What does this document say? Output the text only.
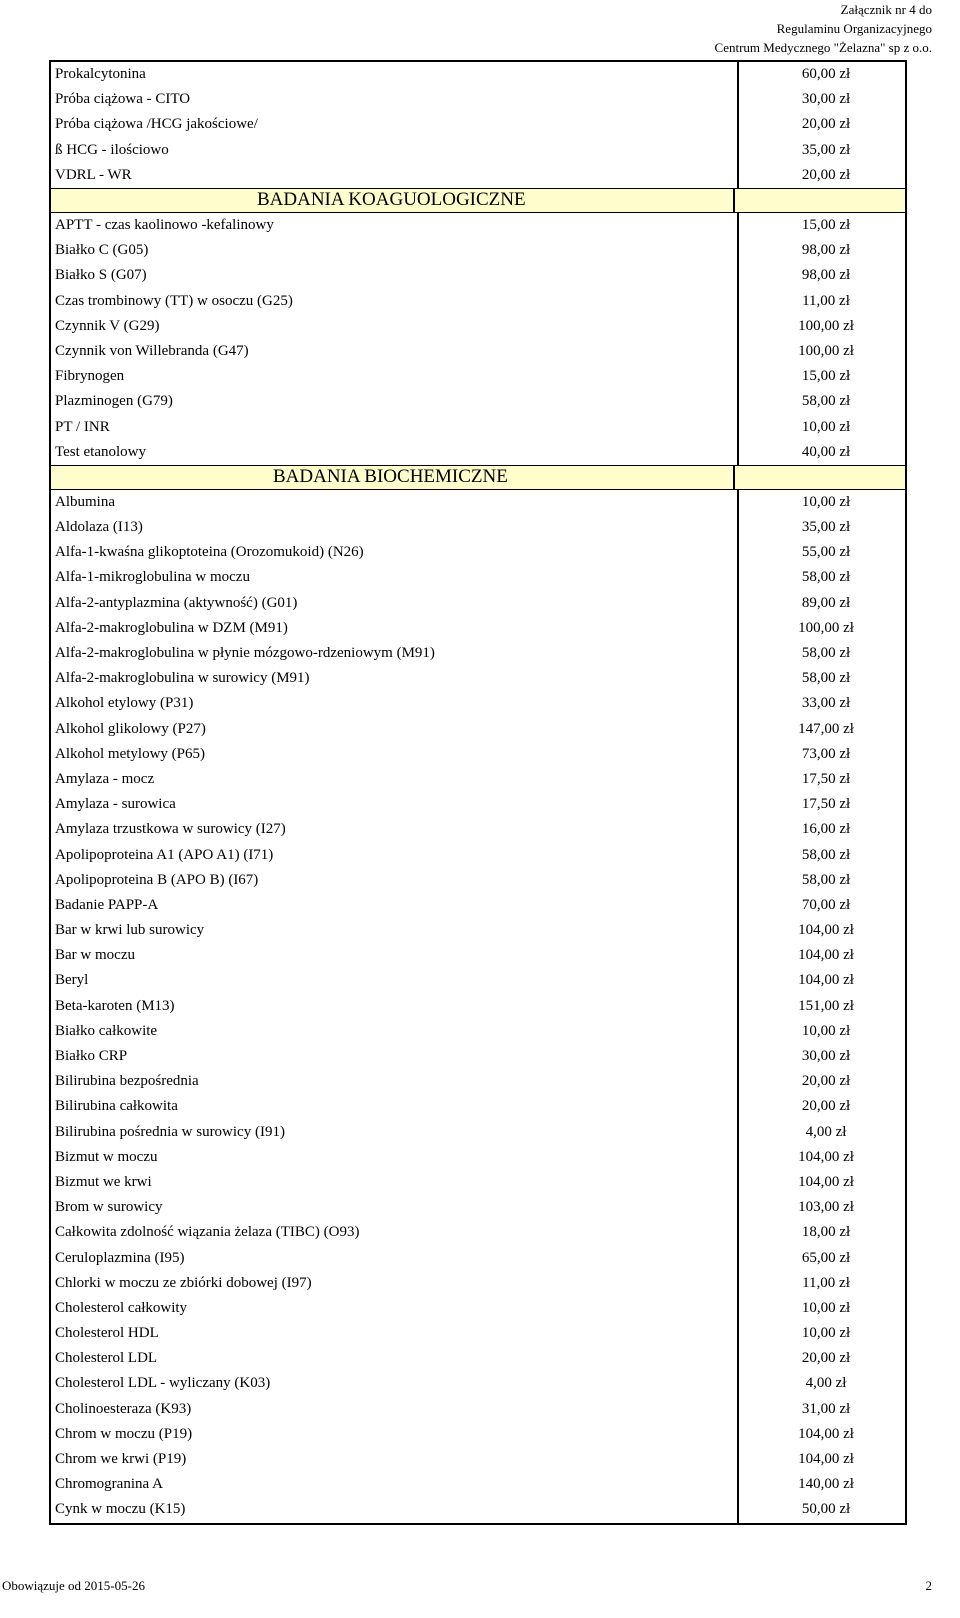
Załącznik nr 4 do
Regulaminu Organizacyjnego
Centrum Medycznego "Żelazna" sp z o.o.
Prokalcytonina	60,00 zł
Próba ciążowa - CITO	30,00 zł
Próba ciążowa /HCG jakościowe/	20,00 zł
ß HCG - ilościowo	35,00 zł
VDRL - WR	20,00 zł
BADANIA KOAGUOLOGICZNE
APTT - czas kaolinowo -kefalinowy	15,00 zł
Białko C (G05)	98,00 zł
Białko S (G07)	98,00 zł
Czas trombinowy (TT) w osoczu (G25)	11,00 zł
Czynnik V (G29)	100,00 zł
Czynnik von Willebranda (G47)	100,00 zł
Fibrynogen	15,00 zł
Plazminogen (G79)	58,00 zł
PT / INR	10,00 zł
Test etanolowy	40,00 zł
BADANIA BIOCHEMICZNE
Albumina	10,00 zł
Aldolaza (I13)	35,00 zł
Alfa-1-kwaśna glikoptoteina (Orozomukoid) (N26)	55,00 zł
Alfa-1-mikroglobulina w moczu	58,00 zł
Alfa-2-antyplazmina (aktywność) (G01)	89,00 zł
Alfa-2-makroglobulina w DZM (M91)	100,00 zł
Alfa-2-makroglobulina w płynie mózgowo-rdzeniowym (M91)	58,00 zł
Alfa-2-makroglobulina w surowicy (M91)	58,00 zł
Alkohol etylowy (P31)	33,00 zł
Alkohol glikolowy (P27)	147,00 zł
Alkohol metylowy (P65)	73,00 zł
Amylaza - mocz	17,50 zł
Amylaza - surowica	17,50 zł
Amylaza trzustkowa w surowicy (I27)	16,00 zł
Apolipoproteina A1 (APO A1) (I71)	58,00 zł
Apolipoproteina B (APO B) (I67)	58,00 zł
Badanie PAPP-A	70,00 zł
Bar w krwi lub surowicy	104,00 zł
Bar w moczu	104,00 zł
Beryl	104,00 zł
Beta-karoten (M13)	151,00 zł
Białko całkowite	10,00 zł
Białko CRP	30,00 zł
Bilirubina bezpośrednia	20,00 zł
Bilirubina całkowita	20,00 zł
Bilirubina pośrednia w surowicy (I91)	4,00 zł
Bizmut w moczu	104,00 zł
Bizmut we krwi	104,00 zł
Brom w surowicy	103,00 zł
Całkowita zdolność wiązania żelaza (TIBC) (O93)	18,00 zł
Ceruloplazmina (I95)	65,00 zł
Chlorki w moczu ze zbiórki dobowej (I97)	11,00 zł
Cholesterol całkowity	10,00 zł
Cholesterol HDL	10,00 zł
Cholesterol LDL	20,00 zł
Cholesterol LDL - wyliczany (K03)	4,00 zł
Cholinoesteraza (K93)	31,00 zł
Chrom w moczu (P19)	104,00 zł
Chrom we krwi (P19)	104,00 zł
Chromogranina A	140,00 zł
Cynk w moczu (K15)	50,00 zł
Obowiązuje od 2015-05-26	2
